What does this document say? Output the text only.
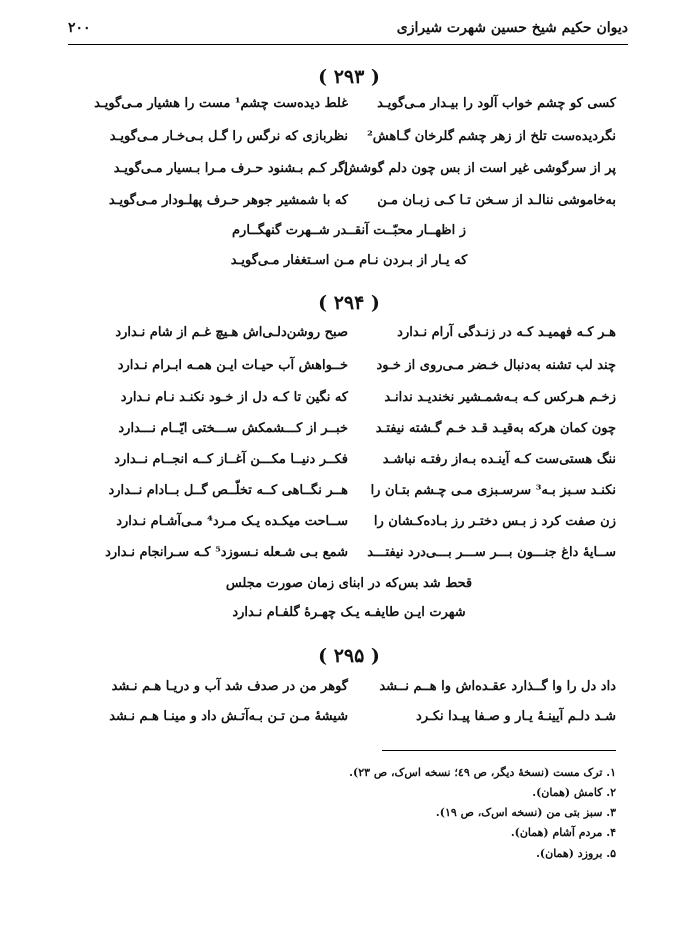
دیوان حکیم شیخ حسین شهرت شیرازی
۲۰۰
( ۲۹۳ )
کسی کو چشم خواب آلود را بیـدار مـی‌گویـد
غلط دیده‌ست چشم¹ مست را هشیار مـی‌گویـد
نگردیده‌ست تلخ از زهر چشم گلرخان گـاهش²
نظربازی که نرگس را گـل بـی‌خـار مـی‌گویـد
پر از سرگوشی غیر است از بس چون دلم گوشش
اگر کـم بـشنود حـرف مـرا بـسیار مـی‌گویـد
به‌خاموشی ننالـد از سـخن تـا کـی زبـان مـن
که با شمشیر جوهر حـرف پهلـودار مـی‌گویـد
ز اظهــار محبّــت آنقــدر شــهرت گنهگــارم
که یـار از بـردن نـام مـن اسـتغفار مـی‌گویـد
( ۲۹۴ )
هـر کـه فهمیـد کـه در زنـدگی آرام نـدارد
صبح روشن‌دلـی‌اش هـیچ غـم از شام نـدارد
چند لب تشنه به‌دنبال خـضر مـی‌روی از خـود
خــواهش آب حیـات ایـن همـه ابـرام نـدارد
زخـم هـرکس کـه بـه‌شمـشیر نخندیـد ندانـد
که نگین تا کـه دل از خـود نکنـد نـام نـدارد
چون کمان هرکه به‌قیـد قـد خـم گـشته نیفتـد
خبــر از کـــشمکش ســـختی ایّــام نـــدارد
ننگ هستی‌ست کـه آینـده بـه‌از رفتـه نباشـد
فکــر دنیــا مکـــن آغــاز کــه انجــام نــدارد
نکنـد سـبز بـه³ سرسـبزی مـی چـشم بتـان را
هــر نگــاهی کــه تخلّــص گــل بــادام نــدارد
زن صفت کرد ز بـس دختـر رز بـاده‌کـشان را
ســاحت میکـده یـک مـرد⁴ مـی‌آشـام نـدارد
ســایهٔ داغ جنـــون بـــر ســـر بـــی‌درد نیفتـــد
شمع بـی شـعله نـسوزد⁵ کـه سـرانجام نـدارد
قحط شد بس‌که در ابنای زمان صورت مجلس
شهرت ایـن طایفـه یـک چهـرهٔ گلفـام نـدارد
( ۲۹۵ )
داد دل را وا گــذارد عقـده‌اش وا هــم نــشد
گوهر من در صدف شد آب و دریـا هـم نـشد
شـد دلـم آیینـهٔ یـار و صـفا پیـدا نکـرد
شیشهٔ مـن تـن بـه‌آتـش داد و مینـا هـم نـشد
۱. ترک مست (نسخهٔ دیگر، ص ٤٩؛ نسخه اس‌ک، ص ٢٣).
۲. کامش (همان).
۳. سبز بتی من (نسخه اس‌ک، ص ١٩).
۴. مردم آشام (همان).
۵. بروزد (همان).
